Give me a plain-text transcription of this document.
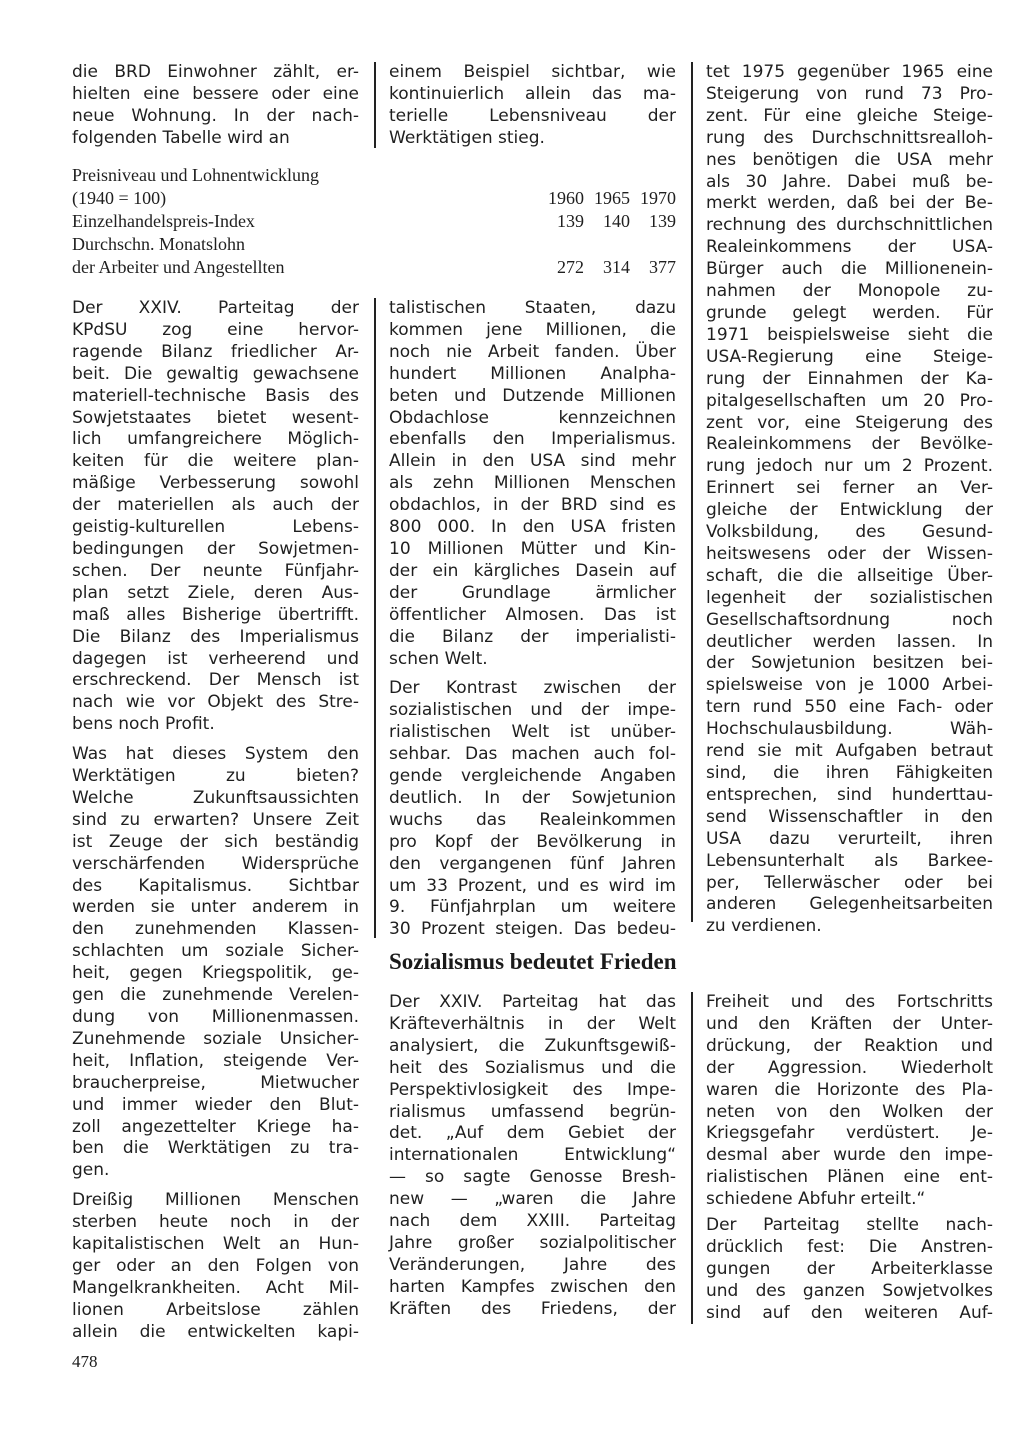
die BRD Einwohner zählt, er-
hielten eine bessere oder eine
neue Wohnung. In der nach-
folgenden Tabelle wird an
einem Beispiel sichtbar, wie
kontinuierlich allein das ma-
terielle Lebensniveau der
Werktätigen stieg.
Preisniveau und Lohnentwicklung
(1940 = 100)	1960 1965 1970
Einzelhandelspreis-Index	139	140	139
Durchschn. Monatslohn
der Arbeiter und Angestellten	272	314	377
Der XXIV. Parteitag der
KPdSU zog eine hervor-
ragende Bilanz friedlicher Ar-
beit. Die gewaltig gewachsene
materiell-technische Basis des
Sowjetstaates bietet wesent-
lich umfangreichere Möglich-
keiten für die weitere plan-
mäßige Verbesserung sowohl
der materiellen als auch der
geistig-kulturellen Lebens-
bedingungen der Sowjetmen-
schen. Der neunte Fünfjahr-
plan setzt Ziele, deren Aus-
maß alles Bisherige übertrifft.
Die Bilanz des Imperialismus
dagegen ist verheerend und
erschreckend. Der Mensch ist
nach wie vor Objekt des Stre-
bens noch Profit.
Was hat dieses System den
Werktätigen zu bieten?
Welche Zukunftsaussichten
sind zu erwarten? Unsere Zeit
ist Zeuge der sich beständig
verschärfenden Widersprüche
des Kapitalismus. Sichtbar
werden sie unter anderem in
den zunehmenden Klassen-
schlachten um soziale Sicher-
heit, gegen Kriegspolitik, ge-
gen die zunehmende Verelen-
dung von Millionenmassen.
Zunehmende soziale Unsicher-
heit, Inflation, steigende Ver-
braucherpreise, Mietwucher
und immer wieder den Blut-
zoll angezettelter Kriege ha-
ben die Werktätigen zu tra-
gen.
Dreißig Millionen Menschen
sterben heute noch in der
kapitalistischen Welt an Hun-
ger oder an den Folgen von
Mangelkrankheiten. Acht Mil-
lionen Arbeitslose zählen
allein die entwickelten kapi-
talistischen Staaten, dazu
kommen jene Millionen, die
noch nie Arbeit fanden. Über
hundert Millionen Analpha-
beten und Dutzende Millionen
Obdachlose kennzeichnen
ebenfalls den Imperialismus.
Allein in den USA sind mehr
als zehn Millionen Menschen
obdachlos, in der BRD sind es
800 000. In den USA fristen
10 Millionen Mütter und Kin-
der ein kärgliches Dasein auf
der Grundlage ärmlicher
öffentlicher Almosen. Das ist
die Bilanz der imperialisti-
schen Welt.
Der Kontrast zwischen der
sozialistischen und der impe-
rialistischen Welt ist unüber-
sehbar. Das machen auch fol-
gende vergleichende Angaben
deutlich. In der Sowjetunion
wuchs das Realeinkommen
pro Kopf der Bevölkerung in
den vergangenen fünf Jahren
um 33 Prozent, und es wird im
9. Fünfjahrplan um weitere
30 Prozent steigen. Das bedeu-
tet 1975 gegenüber 1965 eine
Steigerung von rund 73 Pro-
zent. Für eine gleiche Steige-
rung des Durchschnittsreallоh-
nes benötigen die USA mehr
als 30 Jahre. Dabei muß be-
merkt werden, daß bei der Be-
rechnung des durchschnittlichen
Realeinkommens der USA-
Bürger auch die Millionenein-
nahmen der Monopole zu-
grunde gelegt werden. Für
1971 beispielsweise sieht die
USA-Regierung eine Steige-
rung der Einnahmen der Ka-
pitalgesellschaften um 20 Pro-
zent vor, eine Steigerung des
Realeinkommens der Bevölke-
rung jedoch nur um 2 Prozent.
Erinnert sei ferner an Ver-
gleiche der Entwicklung der
Volksbildung, des Gesund-
heitswesens oder der Wissen-
schaft, die die allseitige Über-
legenheit der sozialistischen
Gesellschaftsordnung noch
deutlicher werden lassen. In
der Sowjetunion besitzen bei-
spielsweise von je 1000 Arbei-
tern rund 550 eine Fach- oder
Hochschulausbildung. Wäh-
rend sie mit Aufgaben betraut
sind, die ihren Fähigkeiten
entsprechen, sind hunderttau-
send Wissenschaftler in den
USA dazu verurteilt, ihren
Lebensunterhalt als Barkee-
per, Tellerwäscher oder bei
anderen Gelegenheitsarbeiten
zu verdienen.
Sozialismus bedeutet Frieden
Der XXIV. Parteitag hat das
Kräfteverhältnis in der Welt
analysiert, die Zukunftsgewiß-
heit des Sozialismus und die
Perspektivlosigkeit des Impe-
rialismus umfassend begrün-
det. „Auf dem Gebiet der
internationalen Entwicklung“
— so sagte Genosse Bresh-
new — „waren die Jahre
nach dem XXIII. Parteitag
Jahre großer sozialpolitischer
Veränderungen, Jahre des
harten Kampfes zwischen den
Kräften des Friedens, der
Freiheit und des Fortschritts
und den Kräften der Unter-
drückung, der Reaktion und
der Aggression. Wiederholt
waren die Horizonte des Pla-
neten von den Wolken der
Kriegsgefahr verdüstert. Je-
desmal aber wurde den impe-
rialistischen Plänen eine ent-
schiedene Abfuhr erteilt.“
Der Parteitag stellte nach-
drücklich fest: Die Anstren-
gungen der Arbeiterklasse
und des ganzen Sowjetvolkes
sind auf den weiteren Auf-
478
